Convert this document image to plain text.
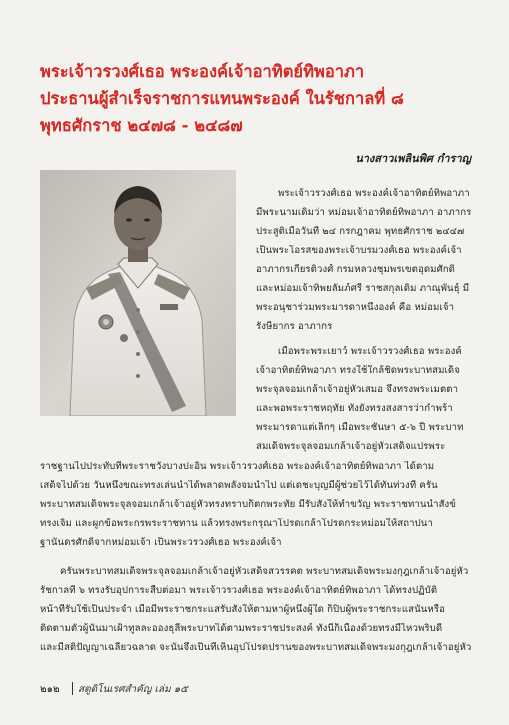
พระเจ้าวรวงศ์เธอ พระองค์เจ้าอาทิตย์ทิพอาภา
ประธานผู้สำเร็จราชการแทนพระองค์ ในรัชกาลที่ ๘
พุทธศักราช ๒๔๗๘ - ๒๔๘๗
นางสาวเพลินพิศ กำราญ
พระเจ้าวรวงศ์เธอ พระองค์เจ้าอาทิตย์ทิพอาภา
มีพระนามเดิมว่า หม่อมเจ้าอาทิตย์ทิพอาภา อาภากร
ประสูติเมื่อวันที่ ๒๔ กรกฎาคม พุทธศักราช ๒๔๔๗
เป็นพระโอรสของพระเจ้าบรมวงศ์เธอ พระองค์เจ้า
อาภากรเกียรติวงศ์ กรมหลวงชุมพรเขตอุดมศักดิ์
และหม่อมเจ้าทิพยลัมภ์ศรี ราชสกุลเดิม ภาณุพันธุ์ มี
พระอนุชาร่วมพระมารดาหนึ่งองค์ คือ หม่อมเจ้า
รังษียากร อาภากร
เมื่อพระพระเยาว์ พระเจ้าวรวงศ์เธอ พระองค์
เจ้าอาทิตย์ทิพอาภา ทรงใช้ใกล้ชิดพระบาทสมเด็จ
พระจุลจอมเกล้าเจ้าอยู่หัวเสมอ จึงทรงพระเมตตา
และพอพระราชหฤทัย ทั้งยังทรงสงสารว่ากำพร้า
พระมารดาแต่เล็กๆ เมื่อพระชันษา ๕-๖ ปี พระบาท
สมเด็จพระจุลจอมเกล้าเจ้าอยู่หัวเสด็จแปรพระ
ราชฐานไปประทับที่พระราชวังบางปะอิน พระเจ้าวรวงศ์เธอ พระองค์เจ้าอาทิตย์ทิพอาภา ได้ตาม
เสด็จไปด้วย วันหนึ่งขณะทรงเล่นน้ำได้พลาดพลั้งจมน้ำไป แต่เดชะบุญมีผู้ช่วยไว้ได้ทันท่วงที ครั้น
พระบาทสมเด็จพระจุลจอมเกล้าเจ้าอยู่หัวทรงทราบก็ตกพระทัย มีรับสั่งให้ทำขวัญ พระราชทานน้ำสังข์
ทรงเจิม และผูกข้อพระกรพระราชทาน แล้วทรงพระกรุณาโปรดเกล้าโปรดกระหม่อมให้สถาปนา
ฐานันดรศักดิ์จากหม่อมเจ้า เป็นพระวรวงศ์เธอ พระองค์เจ้า
ครั้นพระบาทสมเด็จพระจุลจอมเกล้าเจ้าอยู่หัวเสด็จสวรรคต พระบาทสมเด็จพระมงกุฎเกล้าเจ้าอยู่หัว
รัชกาลที่ ๖ ทรงรับอุปการะสืบต่อมา พระเจ้าวรวงศ์เธอ พระองค์เจ้าอาทิตย์ทิพอาภา ได้ทรงปฏิบัติ
หน้าที่รับใช้เป็นประจำ เมื่อมีพระราชกระแสรับสั่งให้ตามหาผู้หนึ่งผู้ใด ก็ปิบผู้พระราชกระแสนั้นหรือ
ติดตามตัวผู้นั้นมาเฝ้าทูลละอองธุลีพระบาทได้ตามพระราชประสงค์ ทั้งนี้ก็เนื่องด้วยทรงมีไหวพริบดี
และมีสติปัญญาเฉลียวฉลาด จะนั้นจึงเป็นที่เห็นอุปโปรดปรานของพระบาทสมเด็จพระมงกุฎเกล้าเจ้าอยู่หัว
๒๑๒ สตูดิโนเรศสำคัญ เล่ม ๑๕
